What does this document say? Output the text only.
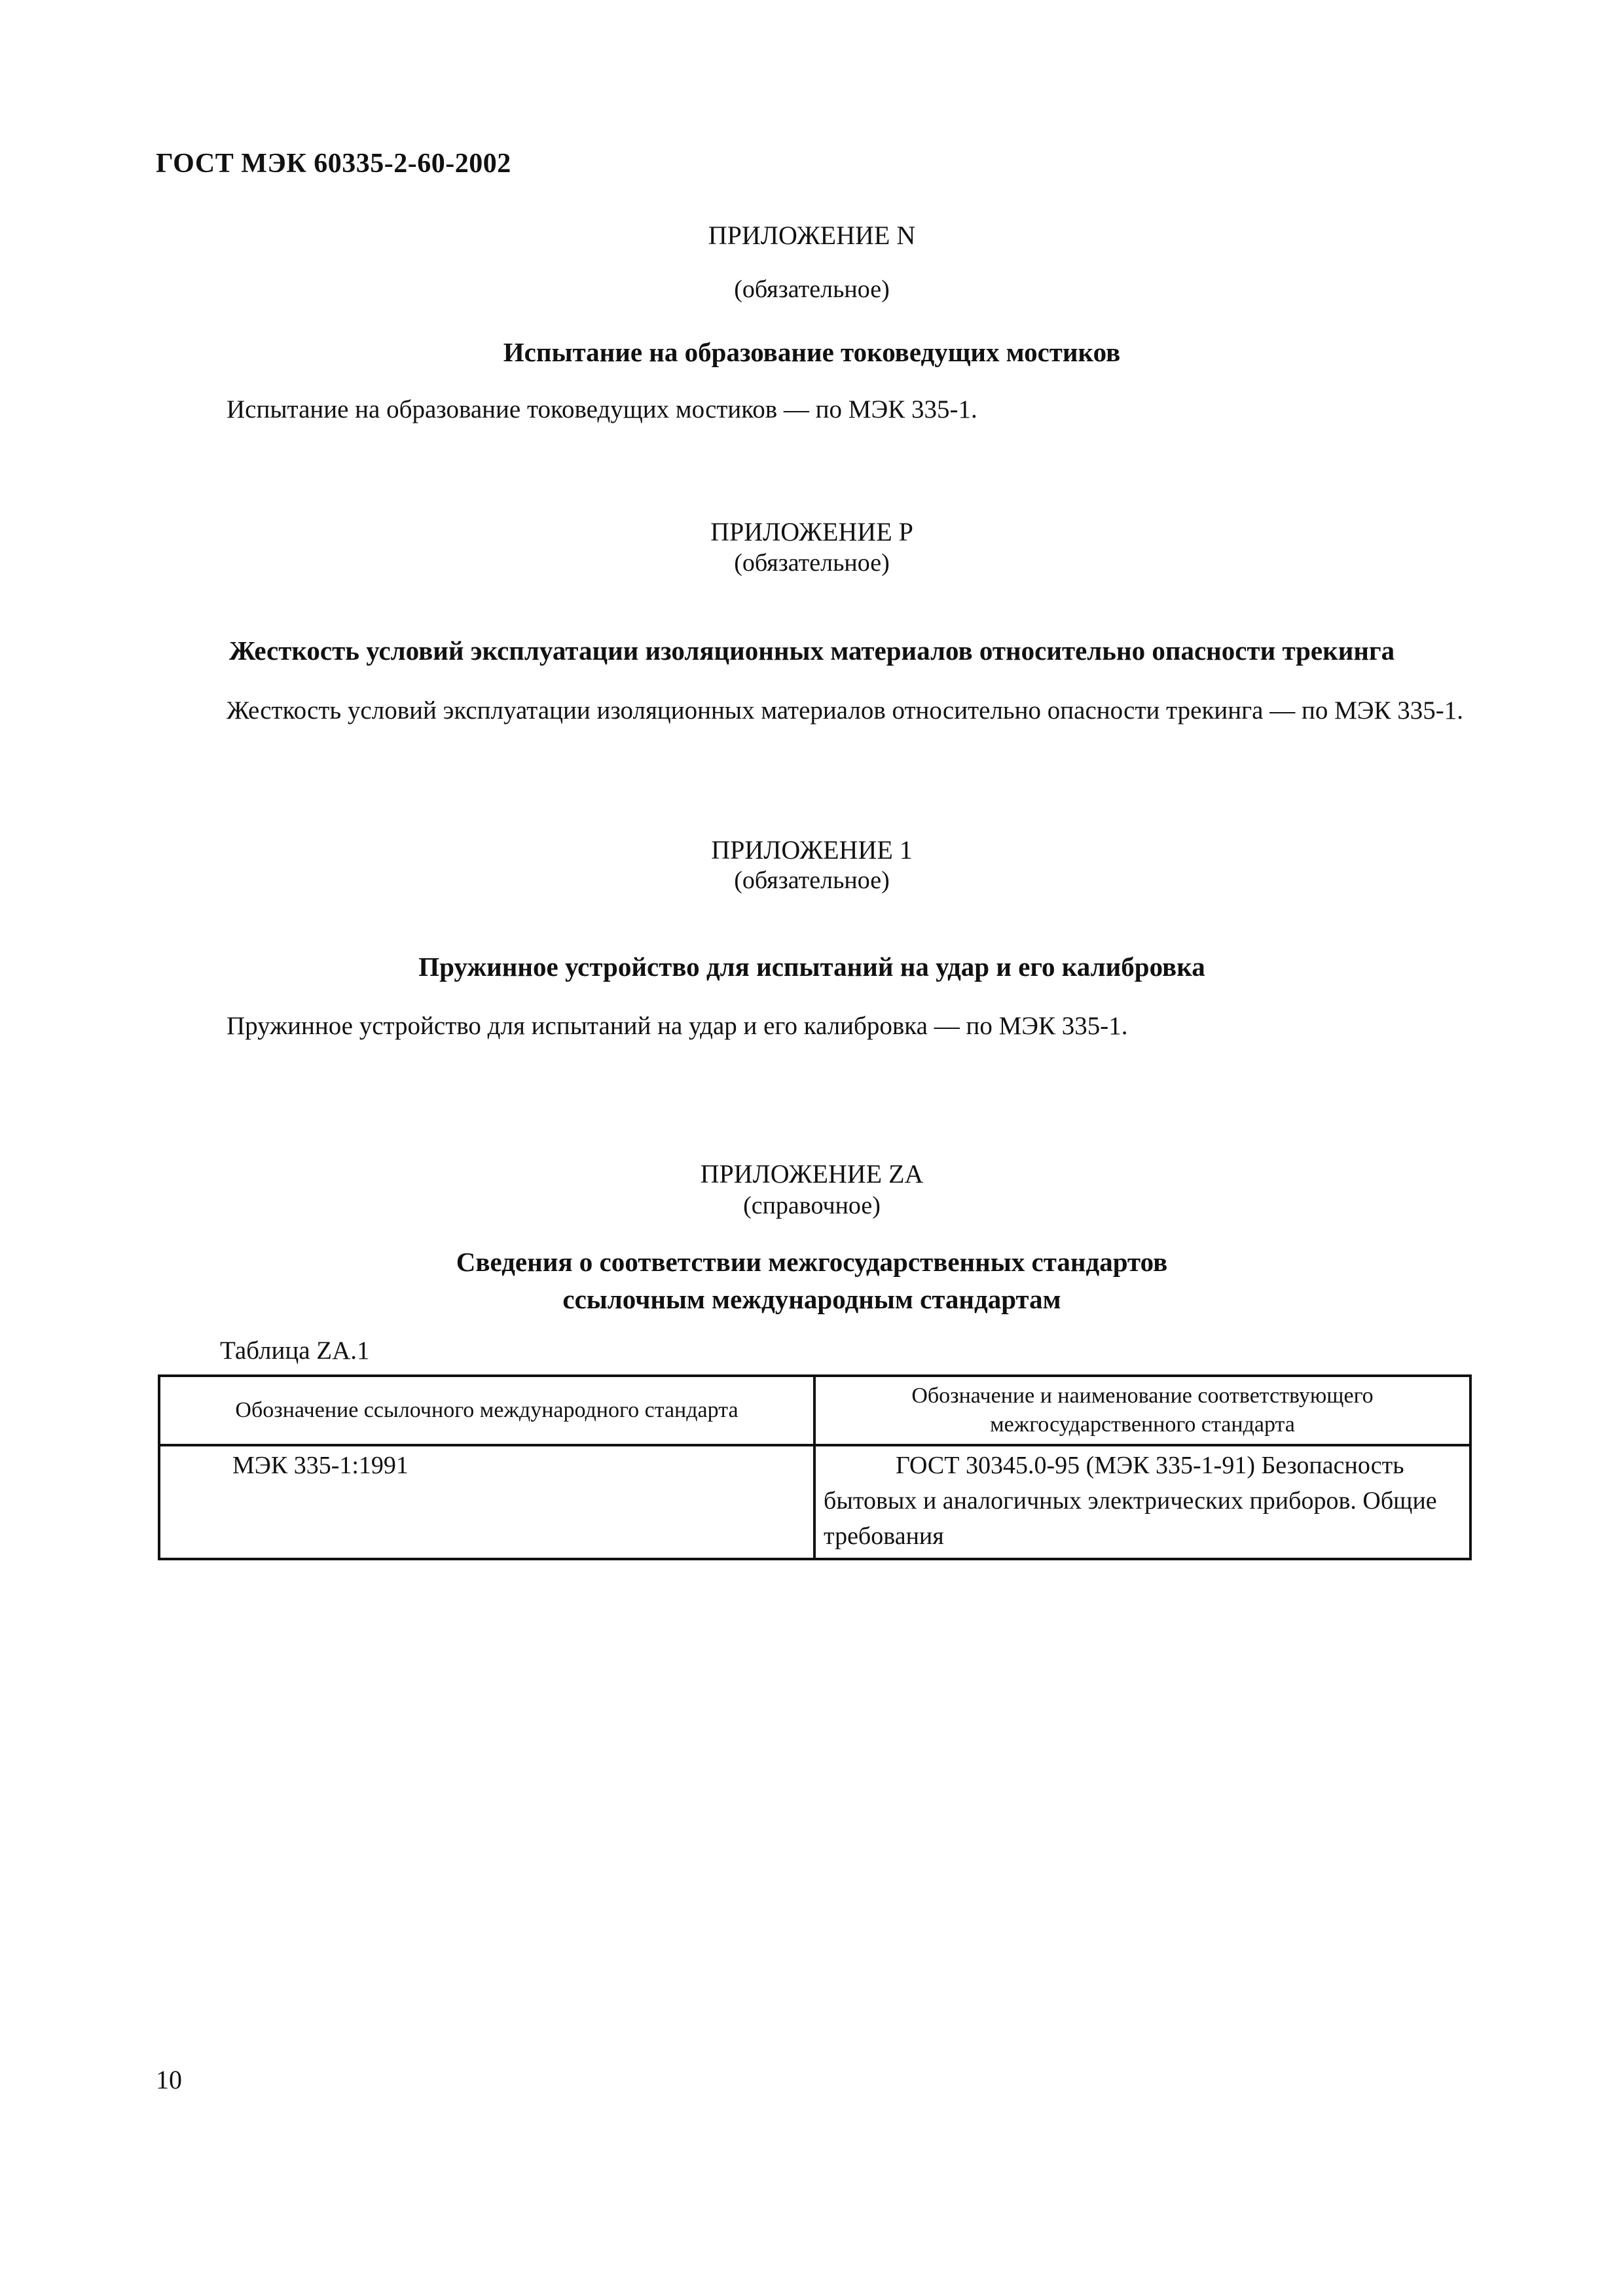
ГОСТ МЭК 60335-2-60-2002
ПРИЛОЖЕНИЕ N
(обязательное)
Испытание на образование токоведущих мостиков
Испытание на образование токоведущих мостиков — по МЭК 335-1.
ПРИЛОЖЕНИЕ P
(обязательное)
Жесткость условий эксплуатации изоляционных материалов относительно опасности трекинга
Жесткость условий эксплуатации изоляционных материалов относительно опасности трекинга — по МЭК 335-1.
ПРИЛОЖЕНИЕ 1
(обязательное)
Пружинное устройство для испытаний на удар и его калибровка
Пружинное устройство для испытаний на удар и его калибровка — по МЭК 335-1.
ПРИЛОЖЕНИЕ ZA
(справочное)
Сведения о соответствии межгосударственных стандартов
ссылочным международным стандартам
Таблица ZA.1
Обозначение ссылочного международного стандарта	Обозначение и наименование соответствующего межгосударственного стандарта
МЭК 335-1:1991	ГОСТ 30345.0-95 (МЭК 335-1-91) Безопасность бытовых и аналогичных электрических приборов. Общие требования
10
